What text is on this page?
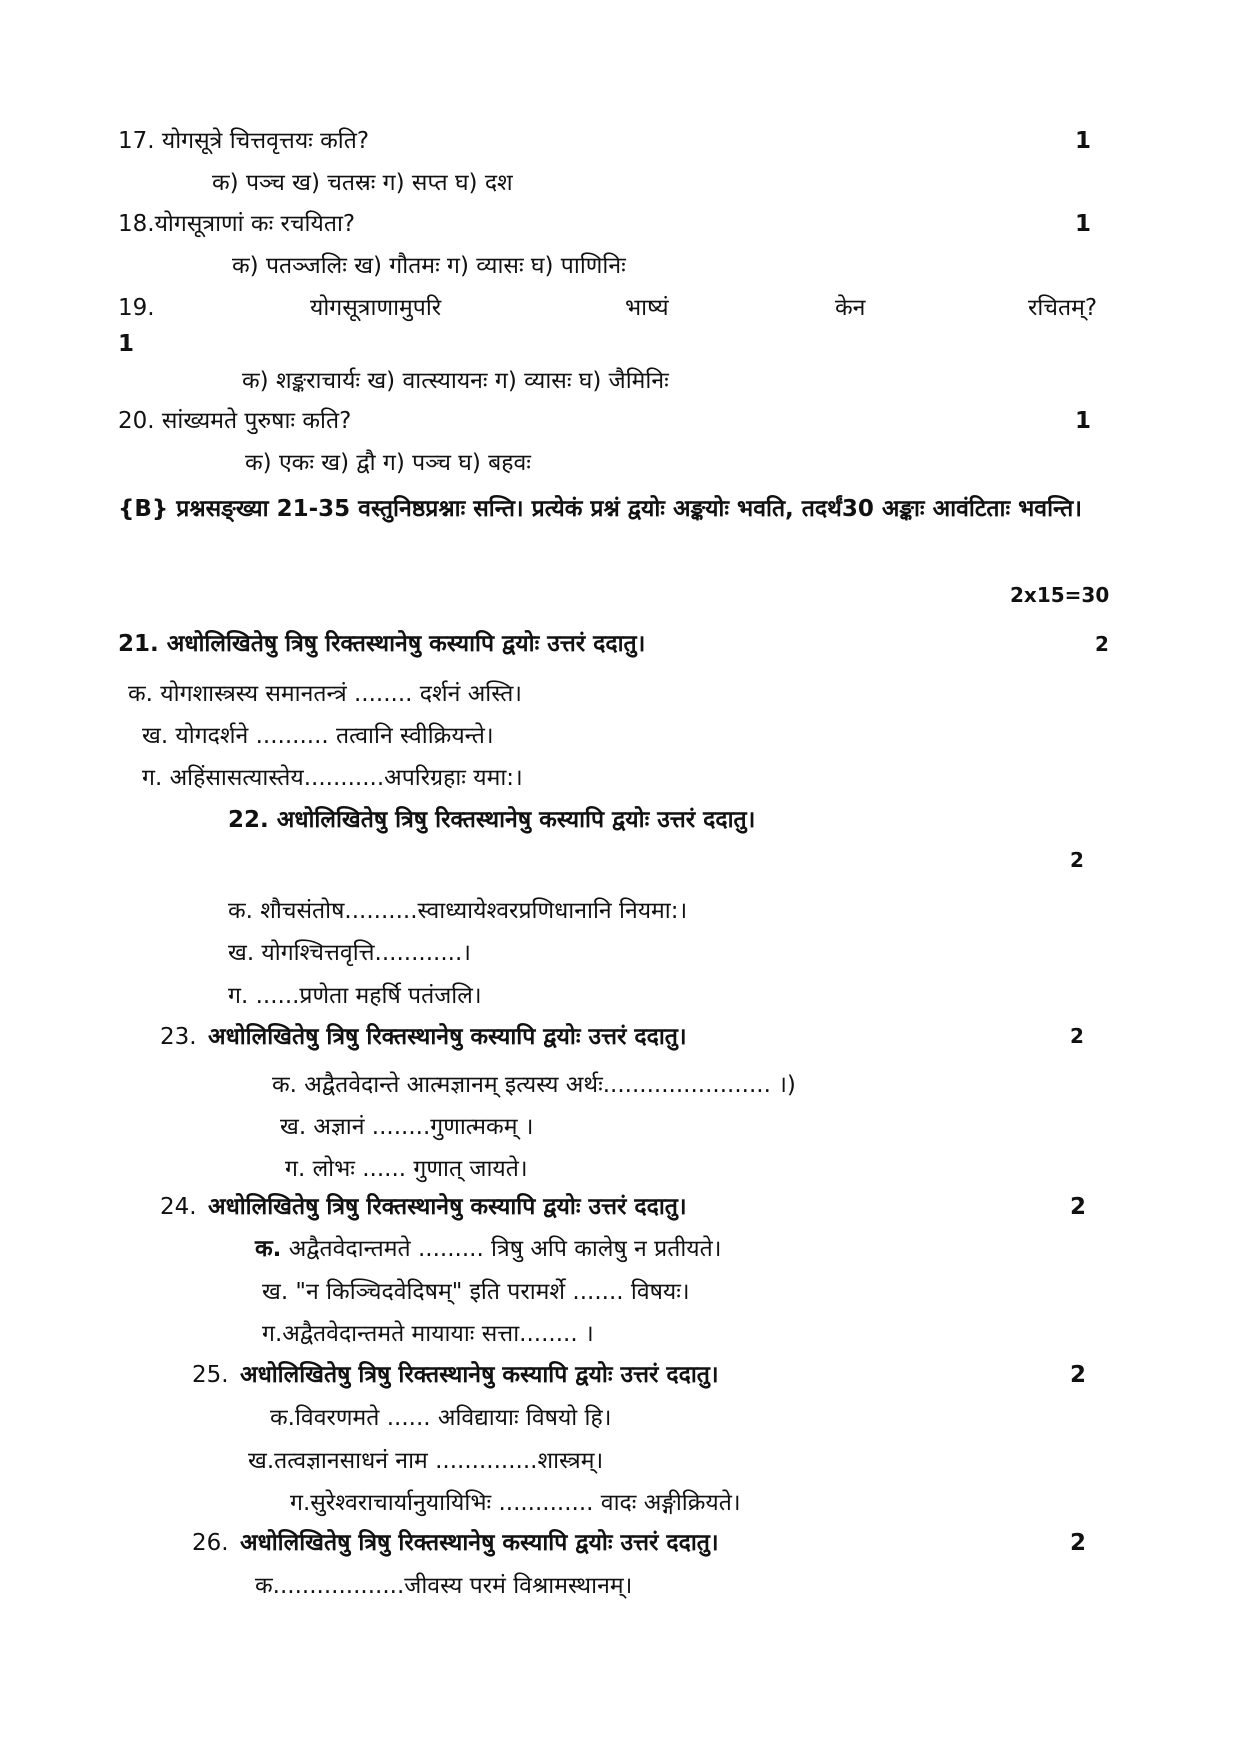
17. योगसूत्रे चित्तवृत्तयः कति?	1
क) पञ्च ख) चतस्रः ग) सप्त घ) दश
18.योगसूत्राणां कः रचयिता?	1
क) पतञ्जलिः ख) गौतमः ग) व्यासः घ) पाणिनिः
19.	योगसूत्राणामुपरि	भाष्यं	केन	रचितम्?
1
क) शङ्कराचार्यः ख) वात्स्यायनः ग) व्यासः घ) जैमिनिः
20. सांख्यमते पुरुषाः कति?	1
क) एकः ख) द्वौ ग) पञ्च घ) बहवः
{B} प्रश्नसङ्ख्या 21-35 वस्तुनिष्ठप्रश्नाः सन्ति। प्रत्येकं प्रश्नं द्वयोः अङ्कयोः भवति, तदर्थं30 अङ्काः आवंटिताः भवन्ति।
2x15=30
21. अधोलिखितेषु त्रिषु रिक्तस्थानेषु कस्यापि द्वयोः उत्तरं ददातु।	2
क. योगशास्त्रस्य समानतन्त्रं ........ दर्शनं अस्ति।
ख. योगदर्शने .......... तत्वानि स्वीक्रियन्ते।
ग. अहिंसासत्यास्तेय...........अपरिग्रहाः यमा:।
22. अधोलिखितेषु त्रिषु रिक्तस्थानेषु कस्यापि द्वयोः उत्तरं ददातु।
2
क. शौचसंतोष..........स्वाध्यायेश्वरप्रणिधानानि नियमा:।
ख. योगश्चित्तवृत्ति............।
ग. ......प्रणेता महर्षि पतंजलि।
23. अधोलिखितेषु त्रिषु रिक्तस्थानेषु कस्यापि द्वयोः उत्तरं ददातु।	2
क. अद्वैतवेदान्ते आत्मज्ञानम् इत्यस्य अर्थः....................... ।)
ख. अज्ञानं ........गुणात्मकम् ।
ग. लोभः ...... गुणात् जायते।
24. अधोलिखितेषु त्रिषु रिक्तस्थानेषु कस्यापि द्वयोः उत्तरं ददातु।	2
क. अद्वैतवेदान्तमते ......... त्रिषु अपि कालेषु न प्रतीयते।
ख. "न किञ्चिदवेदिषम्" इति परामर्शे ....... विषयः।
ग.अद्वैतवेदान्तमते मायायाः सत्ता........ ।
25. अधोलिखितेषु त्रिषु रिक्तस्थानेषु कस्यापि द्वयोः उत्तरं ददातु।	2
क.विवरणमते ...... अविद्यायाः विषयो हि।
ख.तत्वज्ञानसाधनं नाम ..............शास्त्रम्।
ग.सुरेश्वराचार्यानुयायिभिः ............. वादः अङ्गीक्रियते।
26. अधोलिखितेषु त्रिषु रिक्तस्थानेषु कस्यापि द्वयोः उत्तरं ददातु।	2
क..................जीवस्य परमं विश्रामस्थानम्।
